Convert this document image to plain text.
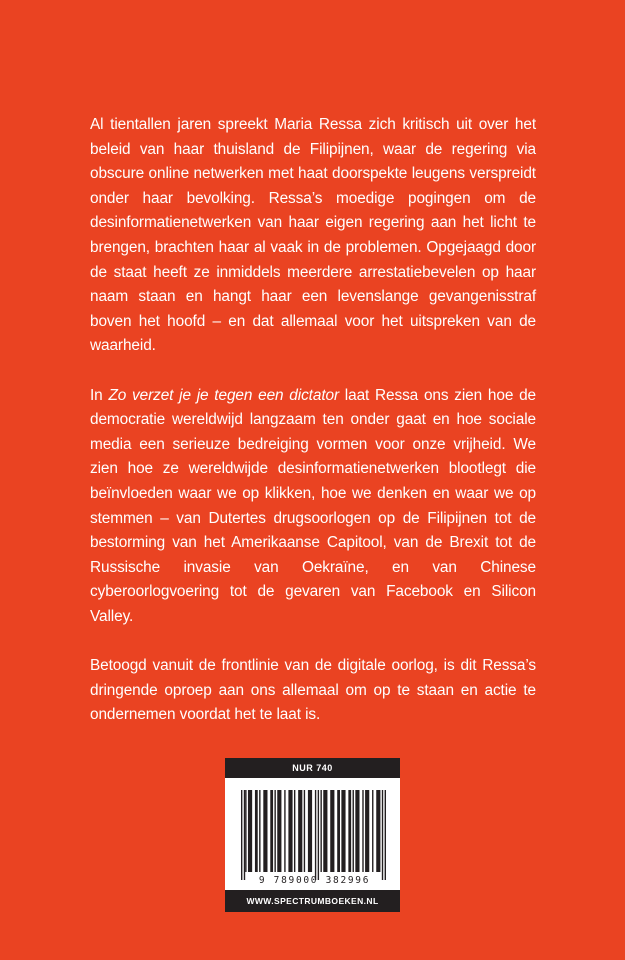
Al tientallen jaren spreekt Maria Ressa zich kritisch uit over het beleid van haar thuisland de Filipijnen, waar de regering via obscure online netwerken met haat doorspekte leugens verspreidt onder haar bevolking. Ressa’s moedige pogingen om de desinformatienetwerken van haar eigen regering aan het licht te brengen, brachten haar al vaak in de problemen. Opgejaagd door de staat heeft ze inmiddels meerdere arrestatiebevelen op haar naam staan en hangt haar een levenslange gevangenisstraf boven het hoofd – en dat allemaal voor het uitspreken van de waarheid.

In Zo verzet je je tegen een dictator laat Ressa ons zien hoe de democratie wereldwijd langzaam ten onder gaat en hoe sociale media een serieuze bedreiging vormen voor onze vrijheid. We zien hoe ze wereldwijde desinformatienetwerken blootlegt die beïnvloeden waar we op klikken, hoe we denken en waar we op stemmen – van Dutertes drugsoorlogen op de Filipijnen tot de bestorming van het Amerikaanse Capitool, van de Brexit tot de Russische invasie van Oekraïne, en van Chinese cyberoorlogvoering tot de gevaren van Facebook en Silicon Valley.

Betoogd vanuit de frontlinie van de digitale oorlog, is dit Ressa’s dringende oproep aan ons allemaal om op te staan en actie te ondernemen voordat het te laat is.

NUR 740
9 789000 382996
WWW.SPECTRUMBOEKEN.NL
